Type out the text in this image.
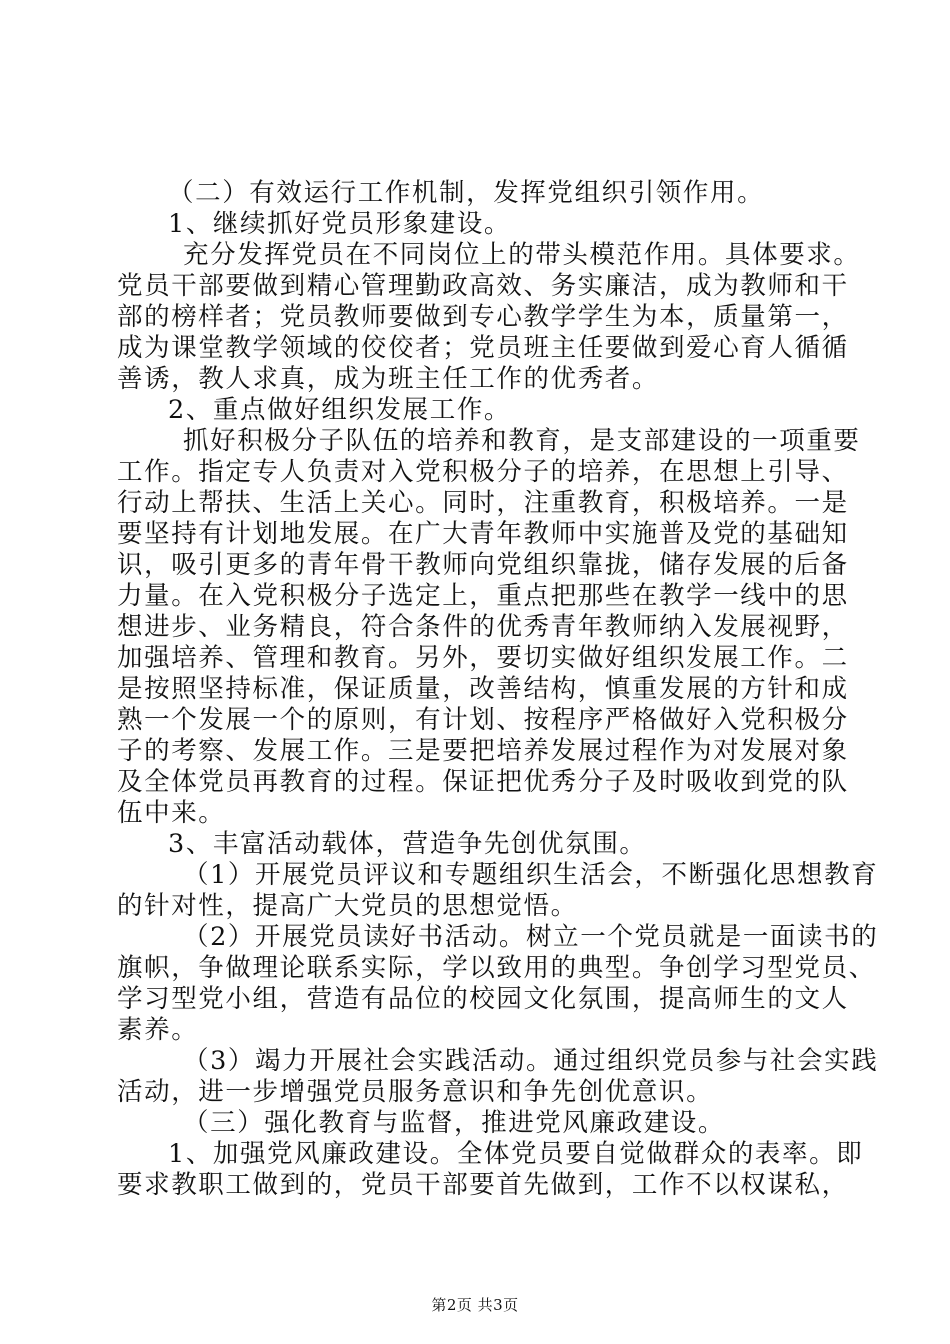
（二）有效运行工作机制，发挥党组织引领作用。
1、继续抓好党员形象建设。
充分发挥党员在不同岗位上的带头模范作用。具体要求。
党员干部要做到精心管理勤政高效、务实廉洁，成为教师和干
部的榜样者；党员教师要做到专心教学学生为本，质量第一，
成为课堂教学领域的佼佼者；党员班主任要做到爱心育人循循
善诱，教人求真，成为班主任工作的优秀者。
2、重点做好组织发展工作。
抓好积极分子队伍的培养和教育，是支部建设的一项重要
工作。指定专人负责对入党积极分子的培养，在思想上引导、
行动上帮扶、生活上关心。同时，注重教育，积极培养。一是
要坚持有计划地发展。在广大青年教师中实施普及党的基础知
识，吸引更多的青年骨干教师向党组织靠拢，储存发展的后备
力量。在入党积极分子选定上，重点把那些在教学一线中的思
想进步、业务精良，符合条件的优秀青年教师纳入发展视野，
加强培养、管理和教育。另外，要切实做好组织发展工作。二
是按照坚持标准，保证质量，改善结构，慎重发展的方针和成
熟一个发展一个的原则，有计划、按程序严格做好入党积极分
子的考察、发展工作。三是要把培养发展过程作为对发展对象
及全体党员再教育的过程。保证把优秀分子及时吸收到党的队
伍中来。
3、丰富活动载体，营造争先创优氛围。
（1）开展党员评议和专题组织生活会，不断强化思想教育
的针对性，提高广大党员的思想觉悟。
（2）开展党员读好书活动。树立一个党员就是一面读书的
旗帜，争做理论联系实际，学以致用的典型。争创学习型党员、
学习型党小组，营造有品位的校园文化氛围，提高师生的文人
素养。
（3）竭力开展社会实践活动。通过组织党员参与社会实践
活动，进一步增强党员服务意识和争先创优意识。
（三）强化教育与监督，推进党风廉政建设。
1、加强党风廉政建设。全体党员要自觉做群众的表率。即
要求教职工做到的，党员干部要首先做到，工作不以权谋私，
第2页 共3页
